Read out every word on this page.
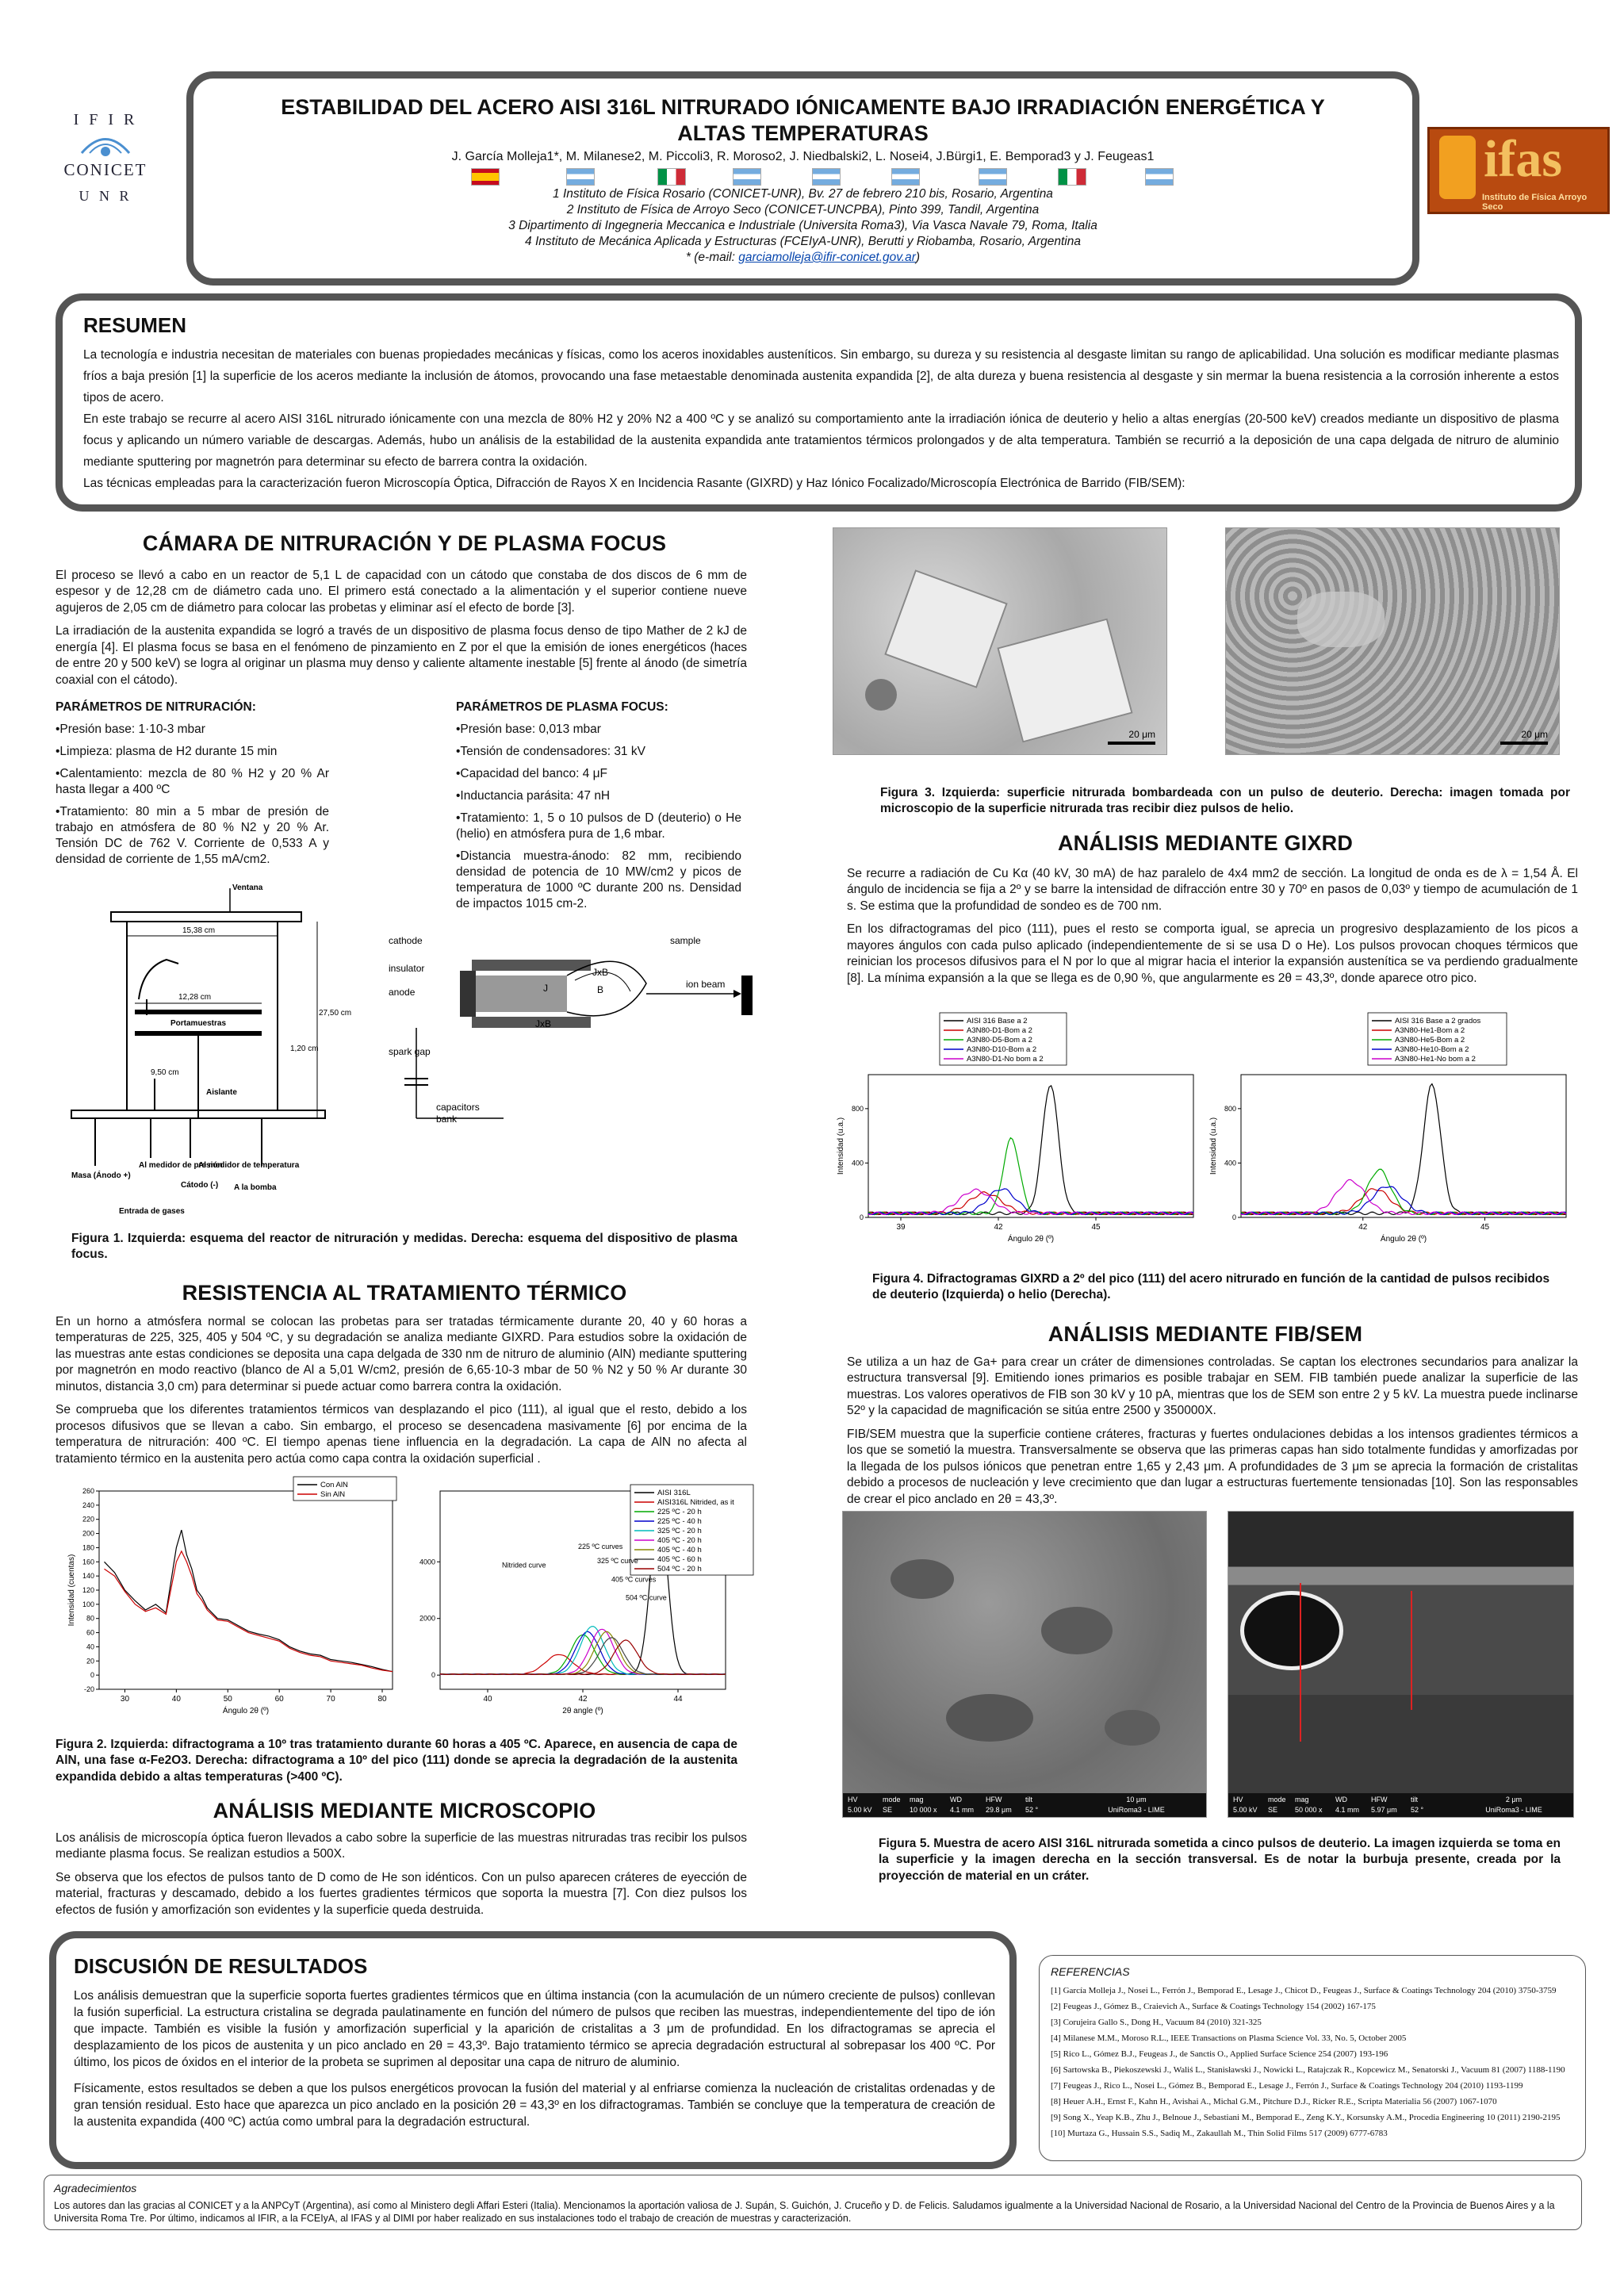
I F I R
CONICET
U N R
ifas
Instituto de Física Arroyo Seco
ESTABILIDAD DEL ACERO AISI 316L NITRURADO IÓNICAMENTE BAJO IRRADIACIÓN ENERGÉTICA Y
ALTAS TEMPERATURAS
J. García Molleja1*, M. Milanese2, M. Piccoli3, R. Moroso2, J. Niedbalski2, L. Nosei4, J.Bürgi1, E. Bemporad3 y J. Feugeas1
1 Instituto de Física Rosario (CONICET-UNR), Bv. 27 de febrero 210 bis, Rosario, Argentina
2 Instituto de Física de Arroyo Seco (CONICET-UNCPBA), Pinto 399, Tandil, Argentina
3 Dipartimento di Ingegneria Meccanica e Industriale (Universita Roma3), Via Vasca Navale 79, Roma, Italia
4 Instituto de Mecánica Aplicada y Estructuras (FCEIyA-UNR), Berutti y Riobamba, Rosario, Argentina
* (e-mail: garciamolleja@ifir-conicet.gov.ar)
RESUMEN
La tecnología e industria necesitan de materiales con buenas propiedades mecánicas y físicas, como los aceros inoxidables austeníticos. Sin embargo, su dureza y su resistencia al desgaste limitan su rango de aplicabilidad. Una solución es modificar mediante plasmas fríos a baja presión [1] la superficie de los aceros mediante la inclusión de átomos, provocando una fase metaestable denominada austenita expandida [2], de alta dureza y buena resistencia al desgaste y sin mermar la buena resistencia a la corrosión inherente a estos tipos de acero.
En este trabajo se recurre al acero AISI 316L nitrurado iónicamente con una mezcla de 80% H2 y 20% N2 a 400 ºC y se analizó su comportamiento ante la irradiación iónica de deuterio y helio a altas energías (20-500 keV) creados mediante un dispositivo de plasma focus y aplicando un número variable de descargas. Además, hubo un análisis de la estabilidad de la austenita expandida ante tratamientos térmicos prolongados y de alta temperatura. También se recurrió a la deposición de una capa delgada de nitruro de aluminio mediante sputtering por magnetrón para determinar su efecto de barrera contra la oxidación.
Las técnicas empleadas para la caracterización fueron Microscopía Óptica, Difracción de Rayos X en Incidencia Rasante (GIXRD) y Haz Iónico Focalizado/Microscopía Electrónica de Barrido (FIB/SEM):
CÁMARA DE NITRURACIÓN Y DE PLASMA FOCUS

El proceso se llevó a cabo en un reactor de 5,1 L de capacidad con un cátodo que constaba de dos discos de 6 mm de espesor y de 12,28 cm de diámetro cada uno. El primero está conectado a la alimentación y el superior contiene nueve agujeros de 2,05 cm de diámetro para colocar las probetas y eliminar así el efecto de borde [3].

La irradiación de la austenita expandida se logró a través de un dispositivo de plasma focus denso de tipo Mather de 2 kJ de energía [4]. El plasma focus se basa en el fenómeno de pinzamiento en Z por el que la emisión de iones energéticos (haces de entre 20 y 500 keV) se logra al originar un plasma muy denso y caliente altamente inestable [5] frente al ánodo (de simetría coaxial con el cátodo).

PARÁMETROS DE NITRURACIÓN:
•Presión base: 1·10-3 mbar
•Limpieza: plasma de H2 durante 15 min
•Calentamiento: mezcla de 80 % H2 y 20 % Ar hasta llegar a 400 ºC
•Tratamiento: 80 min a 5 mbar de presión de trabajo en atmósfera de 80 % N2 y 20 % Ar. Tensión DC de 762 V. Corriente de 0,533 A y densidad de corriente de 1,55 mA/cm2.
PARÁMETROS DE PLASMA FOCUS:
•Presión base: 0,013 mbar
•Tensión de condensadores: 31 kV
•Capacidad del banco: 4 μF
•Inductancia parásita: 47 nH
•Tratamiento: 1, 5 o 10 pulsos de D (deuterio) o He (helio) en atmósfera pura de 1,6 mbar.
•Distancia muestra-ánodo: 82 mm, recibiendo densidad de potencia de 10 MW/cm2 y picos de temperatura de 1000 ºC durante 200 ns. Densidad de impactos 1015 cm-2.
Ventana
15,38 cm
12,28 cm
Portamuestras
27,50 cm
1,20 cm
9,50 cm
Aislante
Masa (Ánodo +)
Al medidor de presión
Al medidor de temperatura
Cátodo (-) A la bomba
Entrada de gases
cathode
insulator
anode
JxB
B
J
JxB
sample
ion beam
spark gap
capacitors
bank
Figura 1. Izquierda: esquema del reactor de nitruración y medidas. Derecha: esquema del dispositivo de plasma focus.
RESISTENCIA AL TRATAMIENTO TÉRMICO

En un horno a atmósfera normal se colocan las probetas para ser tratadas térmicamente durante 20, 40 y 60 horas a temperaturas de 225, 325, 405 y 504 ºC, y su degradación se analiza mediante GIXRD. Para estudios sobre la oxidación de las muestras ante estas condiciones se deposita una capa delgada de 330 nm de nitruro de aluminio (AlN) mediante sputtering por magnetrón en modo reactivo (blanco de Al a 5,01 W/cm2, presión de 6,65·10-3 mbar de 50 % N2 y 50 % Ar durante 30 minutos, distancia 3,0 cm) para determinar si puede actuar como barrera contra la oxidación.

Se comprueba que los diferentes tratamientos térmicos van desplazando el pico (111), al igual que el resto, debido a los procesos difusivos que se llevan a cabo. Sin embargo, el proceso se desencadena masivamente [6] por encima de la temperatura de nitruración: 400 ºC. El tiempo apenas tiene influencia en la degradación. La capa de AlN no afecta al tratamiento térmico en la austenita pero actúa como capa contra la oxidación superficial .

30	40	50	60	70	80
-20
0
20
40
60
80
100
120
140
160
180
200
220
240
260
Ángulo 2θ (º)
Intensidad (cuentas)
Con AlN
Sin AlN
40	42	44
0
2000
4000
2θ angle (º)
AISI 316L
AISI316L Nitrided, as it
225 ºC - 20 h
225 ºC - 40 h
325 ºC - 20 h
405 ºC - 20 h
405 ºC - 40 h
405 ºC - 60 h
504 ºC - 20 h
Nitrided curve
225 ºC curves
325 ºC curve
405 ºC curves
504 ºC curve
Figura 2. Izquierda: difractograma a 10º tras tratamiento durante 60 horas a 405 ºC. Aparece, en ausencia de capa de AlN, una fase α-Fe2O3. Derecha: difractograma a 10º del pico (111) donde se aprecia la degradación de la austenita expandida debido a altas temperaturas (>400 ºC).
ANÁLISIS MEDIANTE MICROSCOPIO

Los análisis de microscopía óptica fueron llevados a cabo sobre la superficie de las muestras nitruradas tras recibir los pulsos mediante plasma focus. Se realizan estudios a 500X.

Se observa que los efectos de pulsos tanto de D como de He son idénticos. Con un pulso aparecen cráteres de eyección de material, fracturas y descamado, debido a los fuertes gradientes térmicos que soporta la muestra [7]. Con diez pulsos los efectos de fusión y amorfización son evidentes y la superficie queda destruida.

20 μm	20 μm
Figura 3. Izquierda: superficie nitrurada bombardeada con un pulso de deuterio. Derecha: imagen tomada por microscopio de la superficie nitrurada tras recibir diez pulsos de helio.
ANÁLISIS MEDIANTE GIXRD

Se recurre a radiación de Cu Kα (40 kV, 30 mA) de haz paralelo de 4x4 mm2 de sección. La longitud de onda es de λ = 1,54 Å. El ángulo de incidencia se fija a 2º y se barre la intensidad de difracción entre 30 y 70º en pasos de 0,03º y tiempo de acumulación de 1 s. Se estima que la profundidad de sondeo es de 700 nm.

En los difractogramas del pico (111), pues el resto se comporta igual, se aprecia un progresivo desplazamiento de los picos a mayores ángulos con cada pulso aplicado (independientemente de si se usa D o He). Los pulsos provocan choques térmicos que reinician los procesos difusivos para el N por lo que al migrar hacia el interior la expansión austenítica se va perdiendo gradualmente [8]. La mínima expansión a la que se llega es de 0,90 %, que angularmente es 2θ = 43,3º, donde aparece otro pico.

39	42	45
0
400
800
Ángulo 2θ (º)
Intensidad (u.a.)
AISI 316 Base a 2
A3N80-D1-Bom a 2
A3N80-D5-Bom a 2
A3N80-D10-Bom a 2
A3N80-D1-No bom a 2
42	45
0
400
800
Ángulo 2θ (º)
Intensidad (u.a.)
AISI 316 Base a 2 grados
A3N80-He1-Bom a 2
A3N80-He5-Bom a 2
A3N80-He10-Bom a 2
A3N80-He1-No bom a 2
Figura 4. Difractogramas GIXRD a 2º del pico (111) del acero nitrurado en función de la cantidad de pulsos recibidos de deuterio (Izquierda) o helio (Derecha).
ANÁLISIS MEDIANTE FIB/SEM

Se utiliza a un haz de Ga+ para crear un cráter de dimensiones controladas. Se captan los electrones secundarios para analizar la estructura transversal [9]. Emitiendo iones primarios es posible trabajar en SEM. FIB también puede analizar la superficie de las muestras. Los valores operativos de FIB son 30 kV y 10 pA, mientras que los de SEM son entre 2 y 5 kV. La muestra puede inclinarse 52º y la capacidad de magnificación se sitúa entre 2500 y 350000X.

FIB/SEM muestra que la superficie contiene cráteres, fracturas y fuertes ondulaciones debidas a los intensos gradientes térmicos a los que se sometió la muestra. Transversalmente se observa que las primeras capas han sido totalmente fundidas y amorfizadas por la llegada de los pulsos iónicos que penetran entre 1,65 y 2,43 μm. A profundidades de 3 μm se aprecia la formación de cristalitas debido a procesos de nucleación y leve crecimiento que dan lugar a estructuras fuertemente tensionadas [10]. Son las responsables de crear el pico anclado en 2θ = 43,3º.

HV
5.00 kV
mode
SE
mag
10 000 x
WD
4.1 mm
HFW
29.8 μm
tilt
52 °
10 μm
UniRoma3 - LIME
HV
5.00 kV
mode
SE
mag
50 000 x
WD
4.1 mm
HFW
5.97 μm
tilt
52 °
2 μm
UniRoma3 - LIME
Figura 5. Muestra de acero AISI 316L nitrurada sometida a cinco pulsos de deuterio. La imagen izquierda se toma en la superficie y la imagen derecha en la sección transversal. Es de notar la burbuja presente, creada por la proyección de material en un cráter.
DISCUSIÓN DE RESULTADOS
Los análisis demuestran que la superficie soporta fuertes gradientes térmicos que en última instancia (con la acumulación de un número creciente de pulsos) conllevan la fusión superficial. La estructura cristalina se degrada paulatinamente en función del número de pulsos que reciben las muestras, independientemente del tipo de ión que impacte. También es visible la fusión y amorfización superficial y la aparición de cristalitas a 3 μm de profundidad. En los difractogramas se aprecia el desplazamiento de los picos de austenita y un pico anclado en 2θ = 43,3º. Bajo tratamiento térmico se aprecia degradación estructural al sobrepasar los 400 ºC. Por último, los picos de óxidos en el interior de la probeta se suprimen al depositar una capa de nitruro de aluminio.
Físicamente, estos resultados se deben a que los pulsos energéticos provocan la fusión del material y al enfriarse comienza la nucleación de cristalitas ordenadas y de gran tensión residual. Esto hace que aparezca un pico anclado en la posición 2θ = 43,3º en los difractogramas. También se concluye que la temperatura de creación de la austenita expandida (400 ºC) actúa como umbral para la degradación estructural.
REFERENCIAS
[1] García Molleja J., Nosei L., Ferrón J., Bemporad E., Lesage J., Chicot D., Feugeas J., Surface & Coatings Technology 204 (2010) 3750-3759
[2] Feugeas J., Gómez B., Craievich A., Surface & Coatings Technology 154 (2002) 167-175
[3] Corujeira Gallo S., Dong H., Vacuum 84 (2010) 321-325
[4] Milanese M.M., Moroso R.L., IEEE Transactions on Plasma Science Vol. 33, No. 5, October 2005
[5] Rico L., Gómez B.J., Feugeas J., de Sanctis O., Applied Surface Science 254 (2007) 193-196
[6] Sartowska B., Piekoszewski J., Waliś L., Stanisławski J., Nowicki L., Ratajczak R., Kopcewicz M., Senatorski J., Vacuum 81 (2007) 1188-1190
[7] Feugeas J., Rico L., Nosei L., Gómez B., Bemporad E., Lesage J., Ferrón J., Surface & Coatings Technology 204 (2010) 1193-1199
[8] Heuer A.H., Ernst F., Kahn H., Avishai A., Michal G.M., Pitchure D.J., Ricker R.E., Scripta Materialia 56 (2007) 1067-1070
[9] Song X., Yeap K.B., Zhu J., Belnoue J., Sebastiani M., Bemporad E., Zeng K.Y., Korsunsky A.M., Procedia Engineering 10 (2011) 2190-2195
[10] Murtaza G., Hussain S.S., Sadiq M., Zakaullah M., Thin Solid Films 517 (2009) 6777-6783
Agradecimientos
Los autores dan las gracias al CONICET y a la ANPCyT (Argentina), así como al Ministero degli Affari Esteri (Italia). Mencionamos la aportación valiosa de J. Supán, S. Guichón, J. Cruceño y D. de Felicis. Saludamos igualmente a la Universidad Nacional de Rosario, a la Universidad Nacional del Centro de la Provincia de Buenos Aires y a la Universita Roma Tre. Por último, indicamos al IFIR, a la FCEIyA, al IFAS y al DIMI por haber realizado en sus instalaciones todo el trabajo de creación de muestras y caracterización.
